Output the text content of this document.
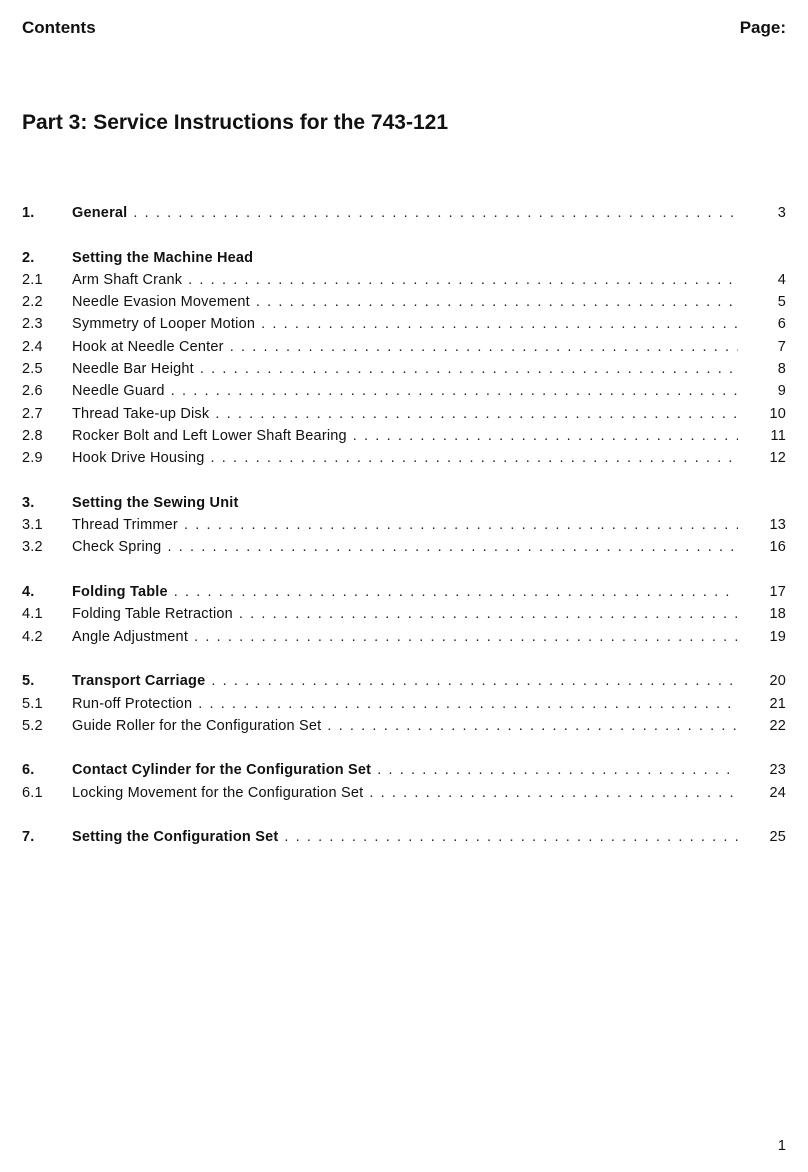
Contents	Page:
Part 3: Service Instructions for the 743-121
1.	General . . .	3
2.	Setting the Machine Head
2.1	Arm Shaft Crank . . .	4
2.2	Needle Evasion Movement . . .	5
2.3	Symmetry of Looper Motion . . .	6
2.4	Hook at Needle Center . . .	7
2.5	Needle Bar Height . . .	8
2.6	Needle Guard . . .	9
2.7	Thread Take-up Disk . . .	10
2.8	Rocker Bolt and Left Lower Shaft Bearing . . .	11
2.9	Hook Drive Housing . . .	12
3.	Setting the Sewing Unit
3.1	Thread Trimmer . . .	13
3.2	Check Spring . . .	16
4.	Folding Table . . .	17
4.1	Folding Table Retraction . . .	18
4.2	Angle Adjustment . . .	19
5.	Transport Carriage . . .	20
5.1	Run-off Protection . . .	21
5.2	Guide Roller for the Configuration Set . . .	22
6.	Contact Cylinder for the Configuration Set . . .	23
6.1	Locking Movement for the Configuration Set . . .	24
7.	Setting the Configuration Set . . .	25
1
